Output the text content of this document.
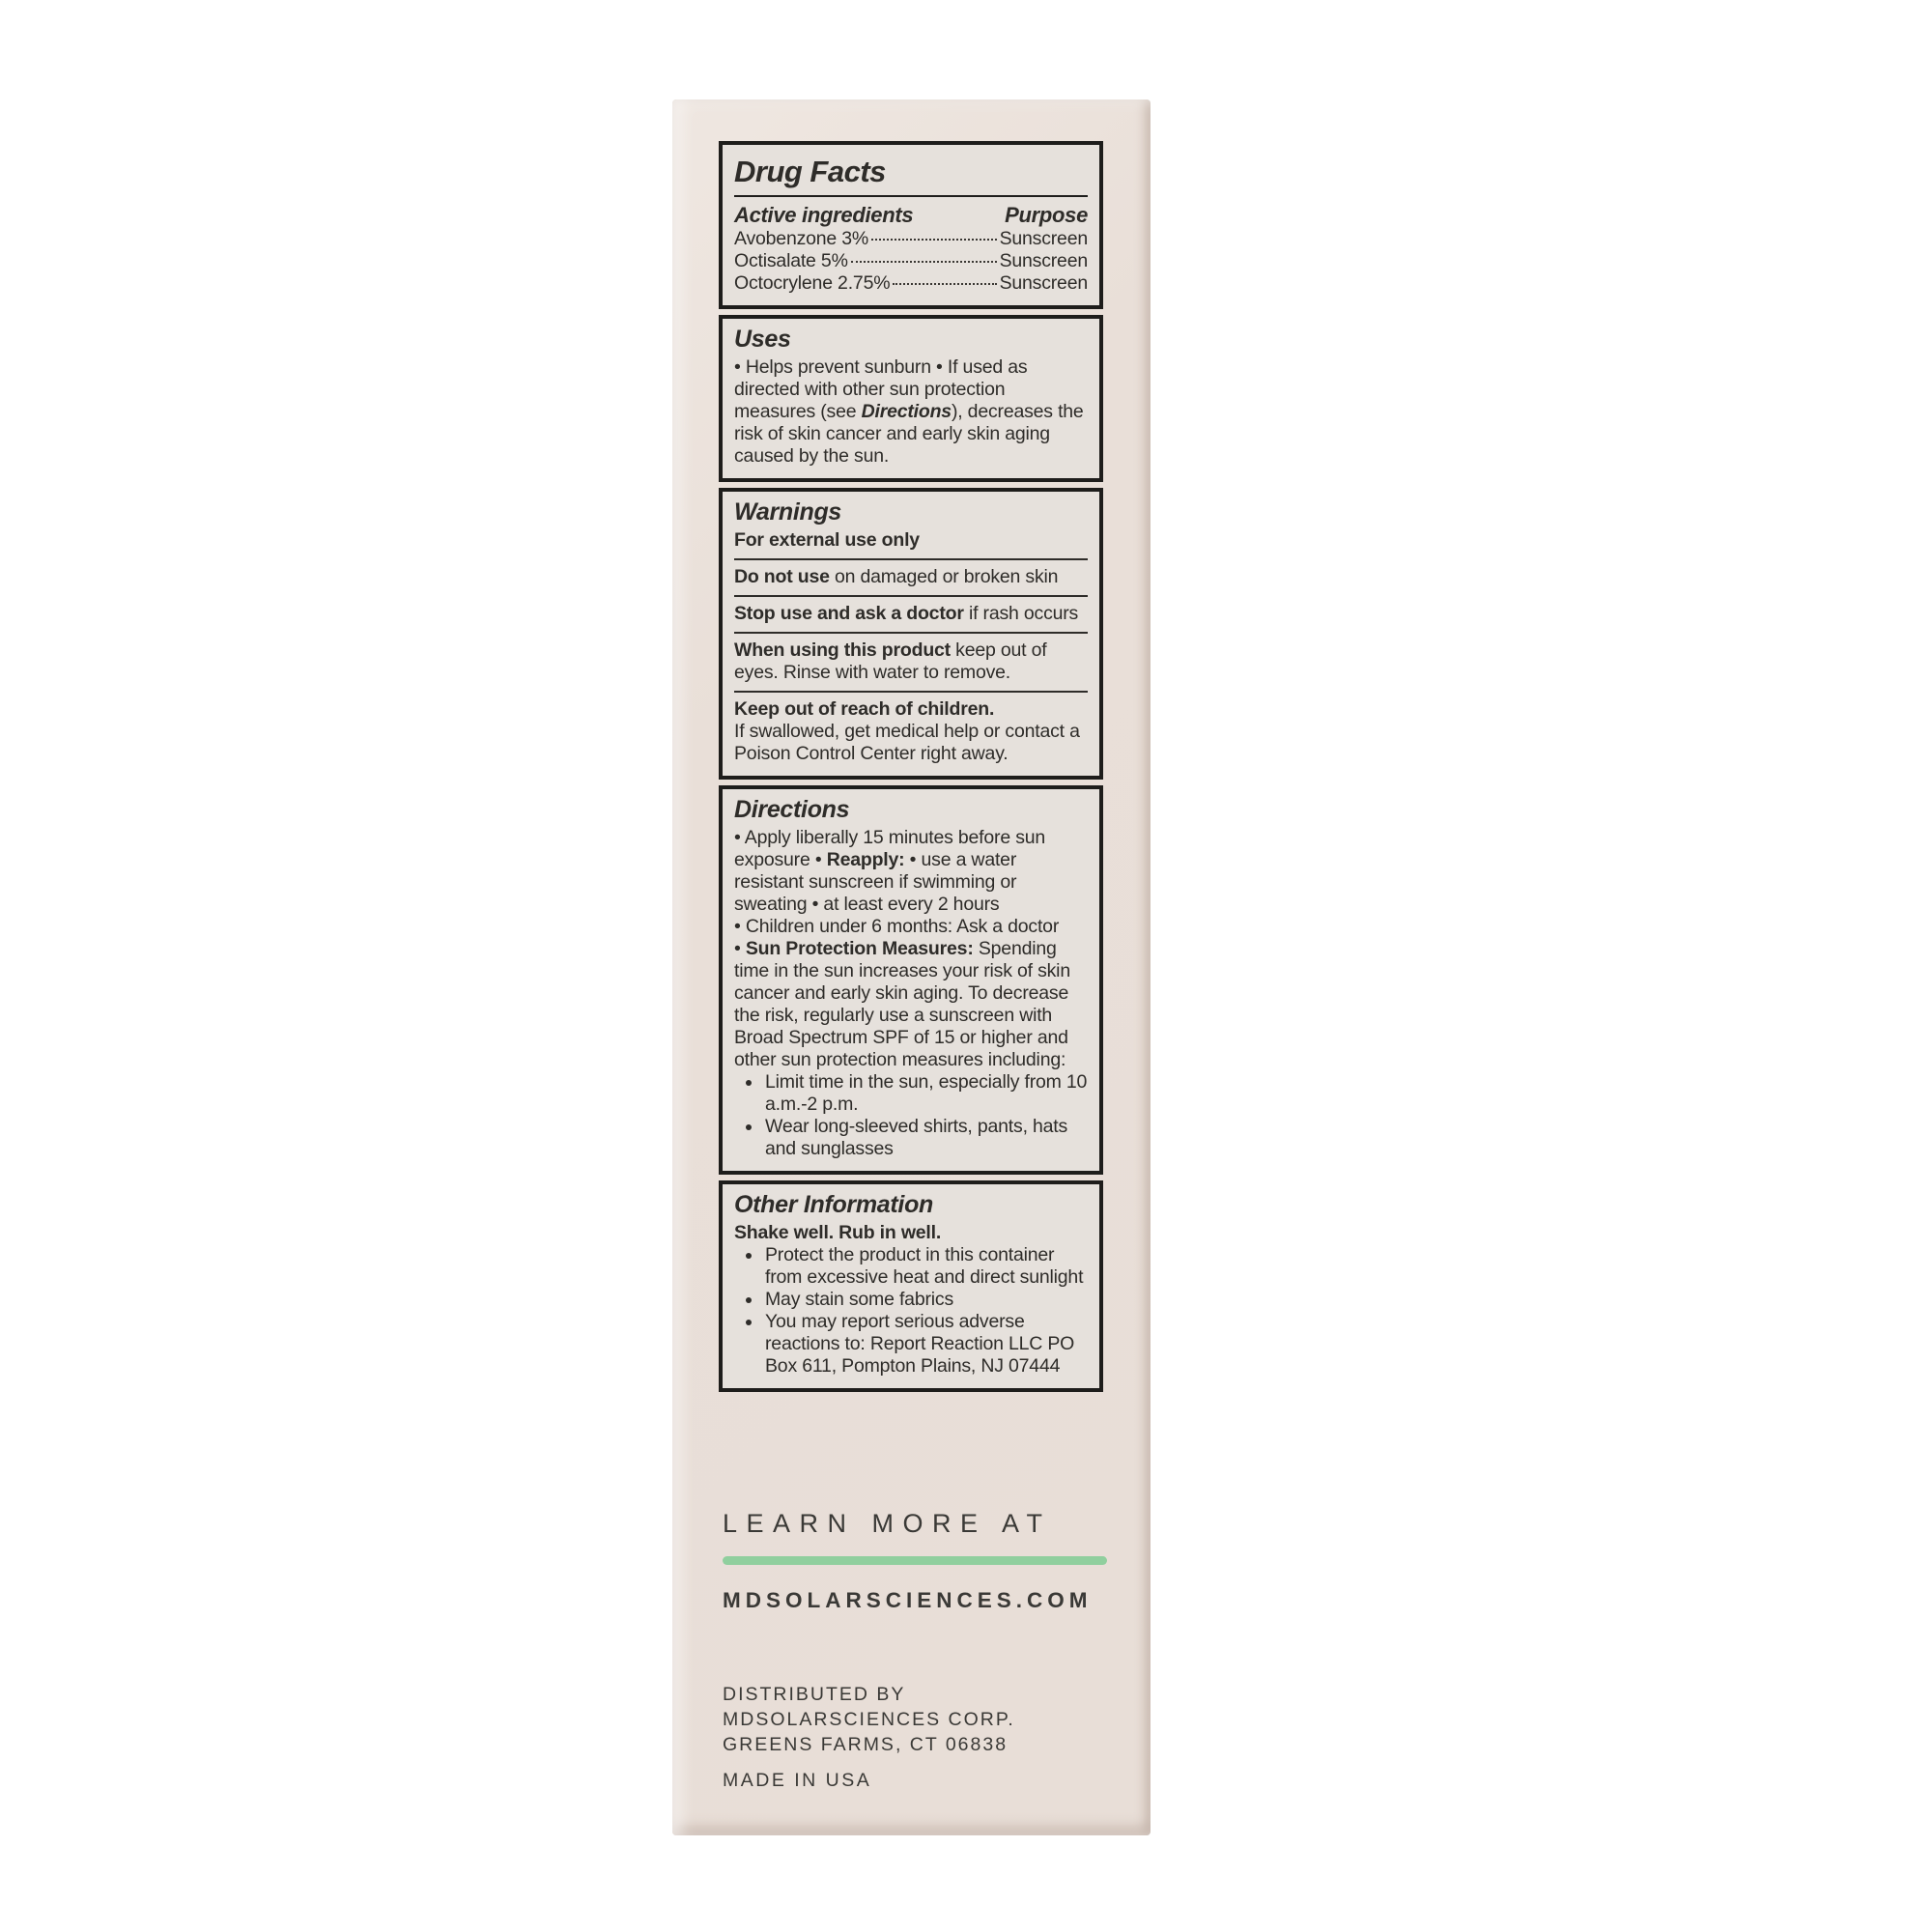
Drug Facts
Active ingredients	Purpose
Avobenzone 3%	Sunscreen
Octisalate 5%	Sunscreen
Octocrylene 2.75%	Sunscreen
Uses
• Helps prevent sunburn • If used as directed with other sun protection measures (see Directions), decreases the risk of skin cancer and early skin aging caused by the sun.
Warnings
For external use only
Do not use on damaged or broken skin
Stop use and ask a doctor if rash occurs
When using this product keep out of eyes. Rinse with water to remove.
Keep out of reach of children.
If swallowed, get medical help or contact a Poison Control Center right away.
Directions
• Apply liberally 15 minutes before sun exposure • Reapply: • use a water resistant sunscreen if swimming or sweating • at least every 2 hours
• Children under 6 months: Ask a doctor
• Sun Protection Measures: Spending time in the sun increases your risk of skin cancer and early skin aging. To decrease the risk, regularly use a sunscreen with Broad Spectrum SPF of 15 or higher and other sun protection measures including:
• Limit time in the sun, especially from 10 a.m.-2 p.m.
• Wear long-sleeved shirts, pants, hats and sunglasses
Other Information
Shake well. Rub in well.
• Protect the product in this container from excessive heat and direct sunlight
• May stain some fabrics
• You may report serious adverse reactions to: Report Reaction LLC PO Box 611, Pompton Plains, NJ 07444
LEARN MORE AT
MDSOLARSCIENCES.COM
DISTRIBUTED BY
MDSOLARSCIENCES CORP.
GREENS FARMS, CT 06838
MADE IN USA
